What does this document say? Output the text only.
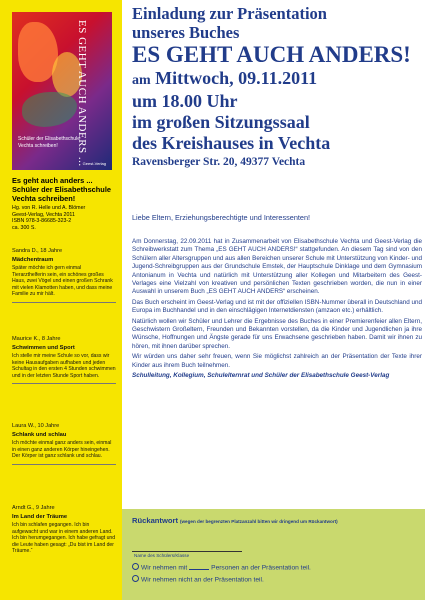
ES GEHT AUCH ANDERS ...
Schüler der Elisabethschule Vechta schreiben!
Geest-Verlag
Es geht auch anders ... Schüler der Elisabethschule Vechta schreiben!
Hg. von R. Helle und A. Blömer
Geest-Verlag, Vechta 2011
ISBN 978-3-86685-323-2
ca. 300 S.
Sandra D., 18 Jahre
Mädchentraum
Später möchte ich gern einmal Tierarzthelferin sein, ein schönes großes Haus, zwei Vögel und einen großen Schrank mit vielen Klamotten haben, und dass meine Familie zu mir hält.
Maurice K., 8 Jahre
Schwimmen und Sport
Ich stelle mir meine Schule so vor, dass wir keine Hausaufgaben aufhaben und jeden Schultag in den ersten 4 Stunden schwimmen und in der letzten Stunde Sport haben.
Laura W., 10 Jahre
Schlank und schlau
Ich möchte einmal ganz anders sein, einmal in einen ganz anderen Körper hineingehen. Der Körper ist ganz schlank und schlau.
Arndt G., 9 Jahre
Im Land der Träume
Ich bin schlafen gegangen. Ich bin aufgewacht und war in einem anderen Land. Ich bin herumgegangen. Ich habe gefragt und die Leute haben gesagt: „Du bist im Land der Träume.“
Einladung zur Präsentation
unseres Buches
ES GEHT AUCH ANDERS!
am Mittwoch, 09.11.2011
um 18.00 Uhr
im großen Sitzungssaal
des Kreishauses in Vechta
Ravensberger Str. 20, 49377 Vechta
Liebe Eltern, Erziehungsberechtigte und Interessenten!

Am Donnerstag, 22.09.2011 hat in Zusammenarbeit von Elisabethschule Vechta und Geest-Verlag die Schreibwerkstatt zum Thema „ES GEHT AUCH ANDERS!“ stattgefunden. An diesem Tag sind von den Schülern aller Altersgruppen und aus allen Bereichen unserer Schule mit Unterstützung von Kinder- und Jugend-Schreibgruppen aus der Grundschule Emstek, der Hauptschule Dinklage und dem Gymnasium Antonianum in Vechta und natürlich mit Unterstützung aller Kollegen und Mitarbeitern des Geest-Verlages eine Vielzahl von kreativen und persönlichen Texten geschrieben worden, die nun in einer Auswahl in unserem Buch „ES GEHT AUCH ANDERS“ erscheinen.

Das Buch erscheint im Geest-Verlag und ist mit der offiziellen ISBN-Nummer überall in Deutschland und Europa im Buchhandel und in den einschlägigen Internetdiensten (amzaon etc.) erhältlich.

Natürlich wollen wir Schüler und Lehrer die Ergebnisse des Buches in einer Premierenfeier allen Eltern, Geschwistern Großeltern, Freunden und Bekannten vorstellen, da die Kinder und Jugendlichen ja ihre Wünsche, Hoffnungen und Ängste gerade für uns Erwachsene geschrieben haben. Damit wir ihnen zu hören, mit ihnen darüber sprechen.

Wir würden uns daher sehr freuen, wenn Sie möglichst zahlreich an der Präsentation der Texte ihrer Kinder aus ihrem Buch teilnehmen.

Schulleitung, Kollegium, Schulelternrat und Schüler der Elisabethschule Geest-Verlag
Rückantwort (wegen der begrenzten Platzanzahl bitten wir dringend um Rückantwort)
Name des Schülers/Klasse
Wir nehmen mit	Personen an der Präsentation teil.
Wir nehmen nicht an der Präsentation teil.
